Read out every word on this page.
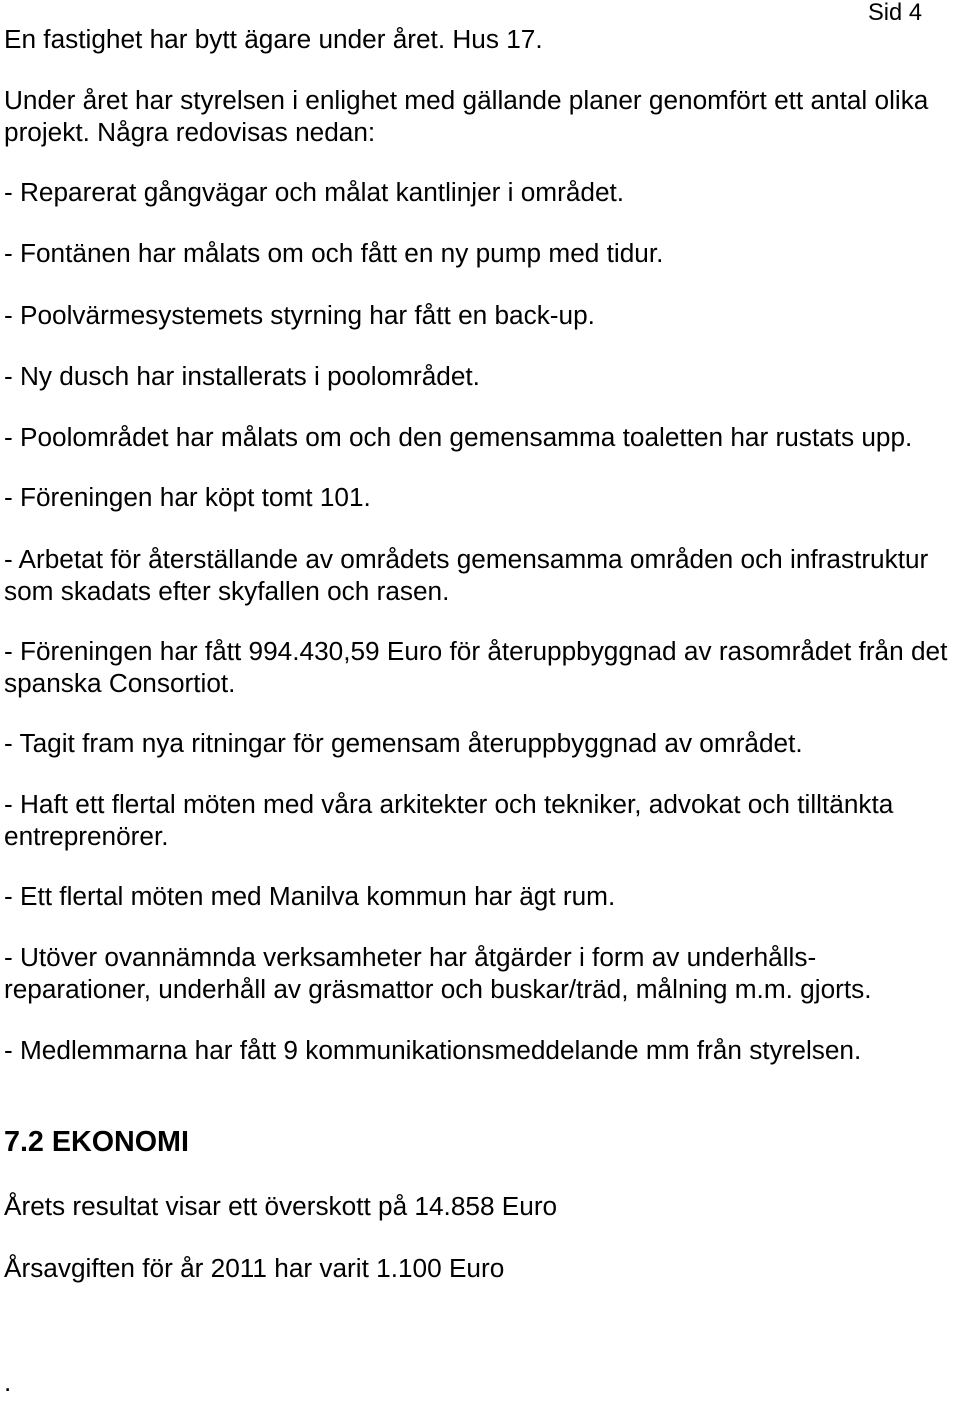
Sid 4
En fastighet har bytt ägare under året. Hus 17.
Under året har styrelsen i enlighet med gällande planer genomfört ett antal olika
projekt. Några redovisas nedan:
- Reparerat gångvägar och målat kantlinjer i området.
- Fontänen har målats om och fått en ny pump med tidur.
- Poolvärmesystemets styrning har fått en back-up.
- Ny dusch har installerats i poolområdet.
- Poolområdet har målats om och den gemensamma toaletten har rustats upp.
- Föreningen har köpt tomt 101.
- Arbetat för återställande av områdets gemensamma områden och infrastruktur
som skadats efter skyfallen och rasen.
- Föreningen har fått 994.430,59 Euro för återuppbyggnad av rasområdet från det
spanska Consortiot.
- Tagit fram nya ritningar för gemensam återuppbyggnad av området.
- Haft ett flertal möten med våra arkitekter och tekniker, advokat och tilltänkta
entreprenörer.
- Ett flertal möten med Manilva kommun har ägt rum.
- Utöver ovannämnda verksamheter har åtgärder i form av underhålls-
reparationer, underhåll av gräsmattor och buskar/träd, målning m.m. gjorts.
- Medlemmarna har fått 9 kommunikationsmeddelande mm från styrelsen.
7.2 EKONOMI
Årets resultat visar ett överskott på 14.858 Euro
Årsavgiften för år 2011 har varit 1.100 Euro
.
